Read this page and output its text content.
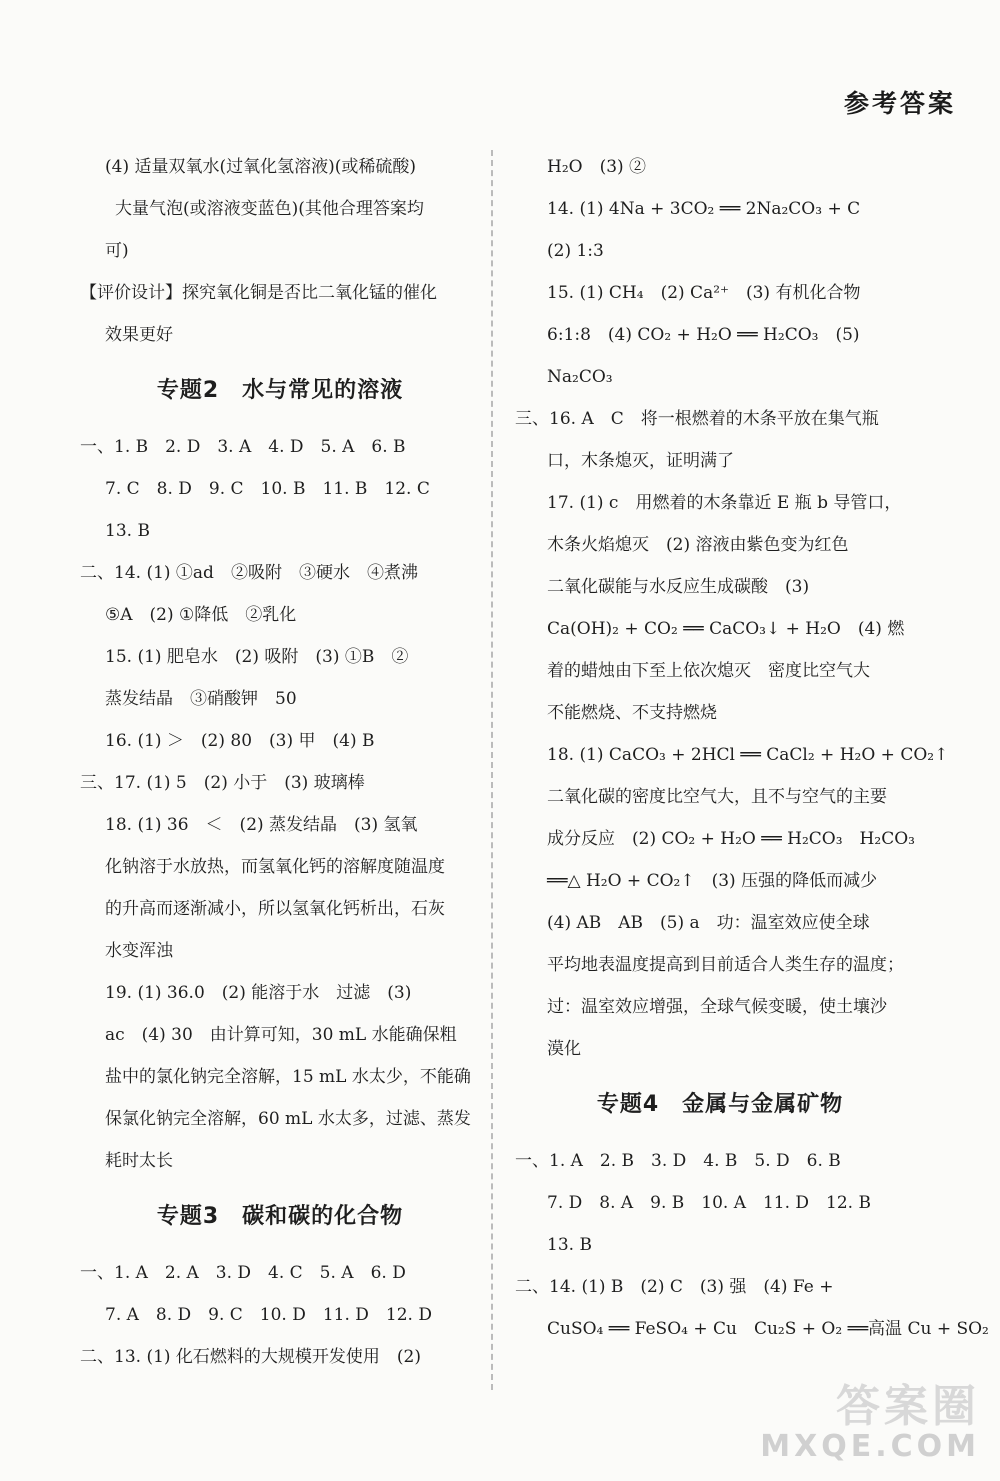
参考答案
(4) 适量双氧水(过氧化氢溶液)(或稀硫酸)
大量气泡(或溶液变蓝色)(其他合理答案均
可)
【评价设计】探究氧化铜是否比二氧化锰的催化
效果更好
专题2　水与常见的溶液
一、1. B　2. D　3. A　4. D　5. A　6. B
7. C　8. D　9. C　10. B　11. B　12. C
13. B
二、14. (1) ①ad　②吸附　③硬水　④煮沸
⑤A　(2) ①降低　②乳化
15. (1) 肥皂水　(2) 吸附　(3) ①B　②
蒸发结晶　③硝酸钾　50
16. (1) ＞　(2) 80　(3) 甲　(4) B
三、17. (1) 5　(2) 小于　(3) 玻璃棒
18. (1) 36　＜　(2) 蒸发结晶　(3) 氢氧
化钠溶于水放热，而氢氧化钙的溶解度随温度
的升高而逐渐减小，所以氢氧化钙析出，石灰
水变浑浊
19. (1) 36.0　(2) 能溶于水　过滤　(3)
ac　(4) 30　由计算可知，30 mL 水能确保粗
盐中的氯化钠完全溶解，15 mL 水太少，不能确
保氯化钠完全溶解，60 mL 水太多，过滤、蒸发
耗时太长
专题3　碳和碳的化合物
一、1. A　2. A　3. D　4. C　5. A　6. D
7. A　8. D　9. C　10. D　11. D　12. D
二、13. (1) 化石燃料的大规模开发使用　(2)
H₂O　(3) ②
14. (1) 4Na + 3CO₂ ══ 2Na₂CO₃ + C
(2) 1:3
15. (1) CH₄　(2) Ca²⁺　(3) 有机化合物
6:1:8　(4) CO₂ + H₂O ══ H₂CO₃　(5)
Na₂CO₃
三、16. A　C　将一根燃着的木条平放在集气瓶
口，木条熄灭，证明满了
17. (1) c　用燃着的木条靠近 E 瓶 b 导管口，
木条火焰熄灭　(2) 溶液由紫色变为红色
二氧化碳能与水反应生成碳酸　(3)
Ca(OH)₂ + CO₂ ══ CaCO₃↓ + H₂O　(4) 燃
着的蜡烛由下至上依次熄灭　密度比空气大
不能燃烧、不支持燃烧
18. (1) CaCO₃ + 2HCl ══ CaCl₂ + H₂O + CO₂↑
二氧化碳的密度比空气大，且不与空气的主要
成分反应　(2) CO₂ + H₂O ══ H₂CO₃　H₂CO₃
══△ H₂O + CO₂↑　(3) 压强的降低而减少
(4) AB　AB　(5) a　功：温室效应使全球
平均地表温度提高到目前适合人类生存的温度；
过：温室效应增强，全球气候变暖，使土壤沙
漠化
专题4　金属与金属矿物
一、1. A　2. B　3. D　4. B　5. D　6. B
7. D　8. A　9. B　10. A　11. D　12. B
13. B
二、14. (1) B　(2) C　(3) 强　(4) Fe +
CuSO₄ ══ FeSO₄ + Cu　Cu₂S + O₂ ══高温 Cu + SO₂
答案圈
MXQE.COM
